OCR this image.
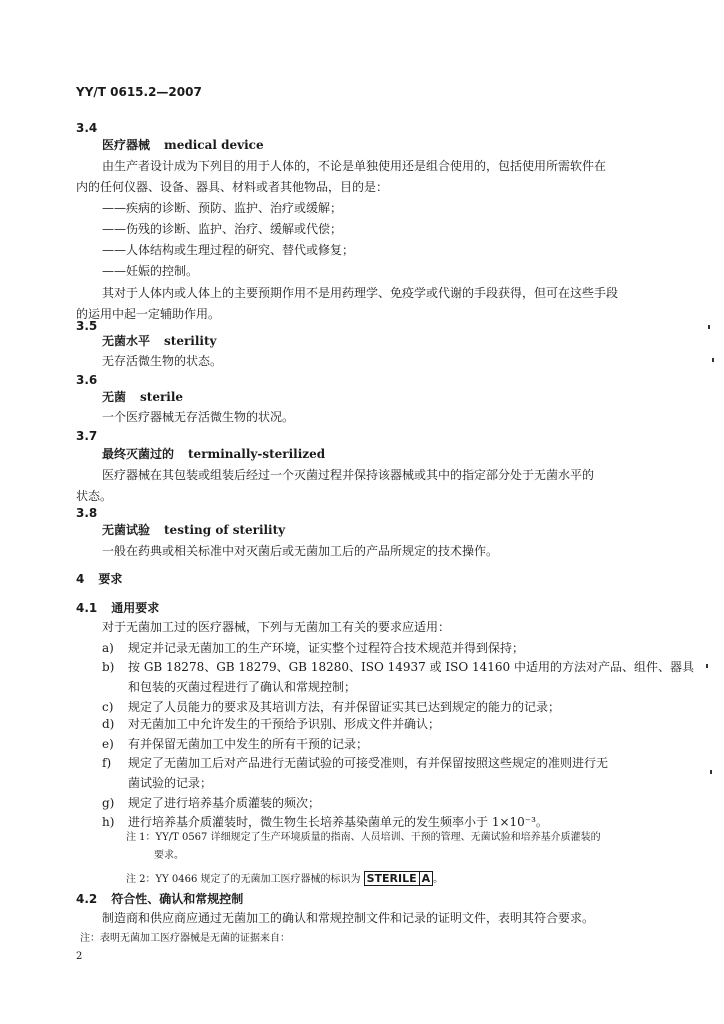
YY/T 0615.2—2007
3.4
医疗器械 medical device
由生产者设计成为下列目的用于人体的，不论是单独使用还是组合使用的，包括使用所需软件在
内的任何仪器、设备、器具、材料或者其他物品，目的是：
——疾病的诊断、预防、监护、治疗或缓解；
——伤残的诊断、监护、治疗、缓解或代偿；
——人体结构或生理过程的研究、替代或修复；
——妊娠的控制。
其对于人体内或人体上的主要预期作用不是用药理学、免疫学或代谢的手段获得，但可在这些手段
的运用中起一定辅助作用。
3.5
无菌水平 sterility
无存活微生物的状态。
3.6
无菌 sterile
一个医疗器械无存活微生物的状况。
3.7
最终灭菌过的 terminally-sterilized
医疗器械在其包装或组装后经过一个灭菌过程并保持该器械或其中的指定部分处于无菌水平的
状态。
3.8
无菌试验 testing of sterility
一般在药典或相关标准中对灭菌后或无菌加工后的产品所规定的技术操作。
4 要求
4.1 通用要求
对于无菌加工过的医疗器械，下列与无菌加工有关的要求应适用：
a) 规定并记录无菌加工的生产环境，证实整个过程符合技术规范并得到保持；
b) 按 GB 18278、GB 18279、GB 18280、ISO 14937 或 ISO 14160 中适用的方法对产品、组件、器具
和包装的灭菌过程进行了确认和常规控制；
c) 规定了人员能力的要求及其培训方法，有并保留证实其已达到规定的能力的记录；
d) 对无菌加工中允许发生的干预给予识别、形成文件并确认；
e) 有并保留无菌加工中发生的所有干预的记录；
f) 规定了无菌加工后对产品进行无菌试验的可接受准则，有并保留按照这些规定的准则进行无
菌试验的记录；
g) 规定了进行培养基介质灌装的频次；
h) 进行培养基介质灌装时，微生物生长培养基染菌单元的发生频率小于 1×10⁻³。
注 1：YY/T 0567 详细规定了生产环境质量的指南、人员培训、干预的管理、无菌试验和培养基介质灌装的
要求。
注 2：YY 0466 规定了的无菌加工医疗器械的标识为 STERILE A 。
4.2 符合性、确认和常规控制
制造商和供应商应通过无菌加工的确认和常规控制文件和记录的证明文件，表明其符合要求。
注：表明无菌加工医疗器械是无菌的证据来自：
2
